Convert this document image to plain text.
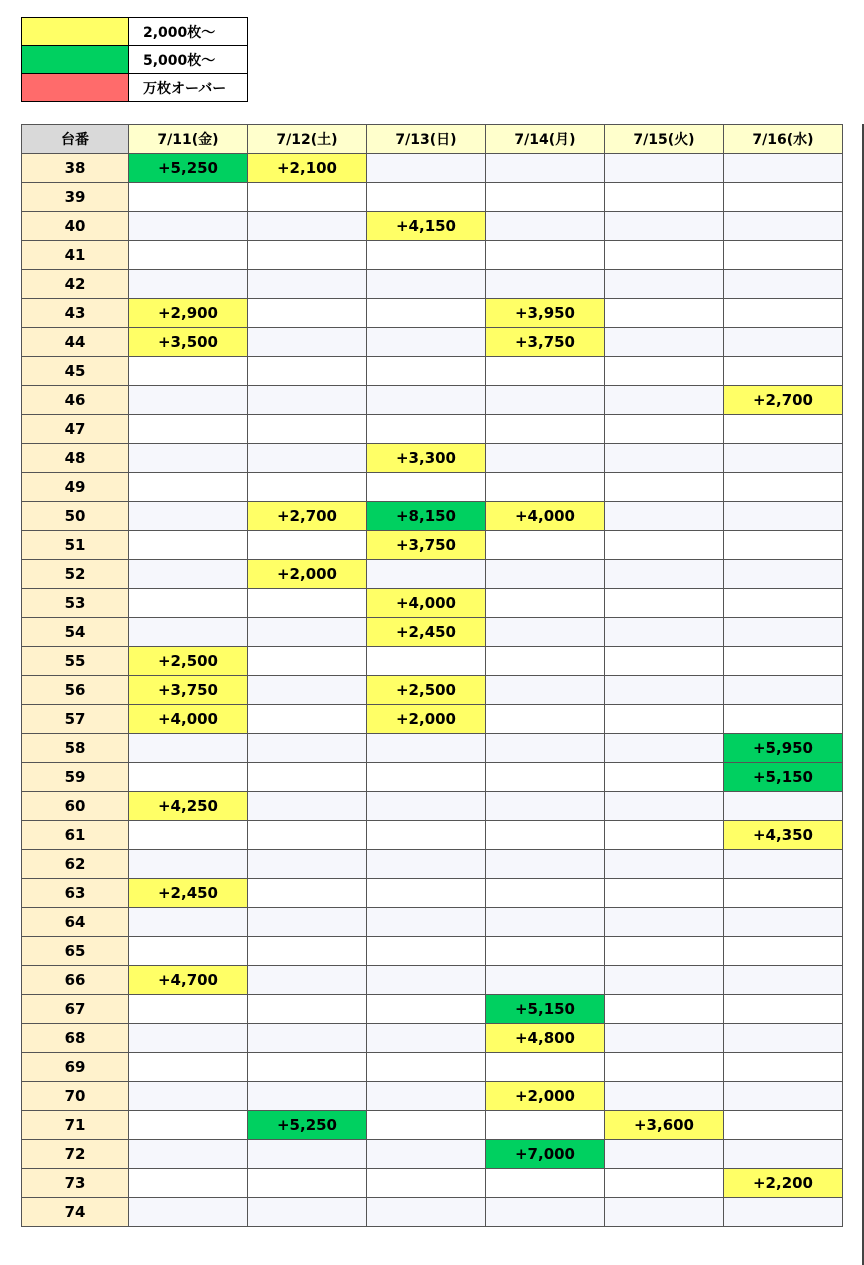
	2,000枚～
	5,000枚～
	万枚オーバー
台番	7/11(金)	7/12(土)	7/13(日)	7/14(月)	7/15(火)	7/16(水)
38	+5,250	+2,100				
39						
40			+4,150			
41						
42						
43	+2,900			+3,950		
44	+3,500			+3,750		
45						
46						+2,700
47						
48			+3,300			
49						
50		+2,700	+8,150	+4,000		
51			+3,750			
52		+2,000				
53			+4,000			
54			+2,450			
55	+2,500					
56	+3,750		+2,500			
57	+4,000		+2,000			
58						+5,950
59						+5,150
60	+4,250					
61						+4,350
62						
63	+2,450					
64						
65						
66	+4,700					
67				+5,150		
68				+4,800		
69						
70				+2,000		
71		+5,250			+3,600	
72				+7,000		
73						+2,200
74						
